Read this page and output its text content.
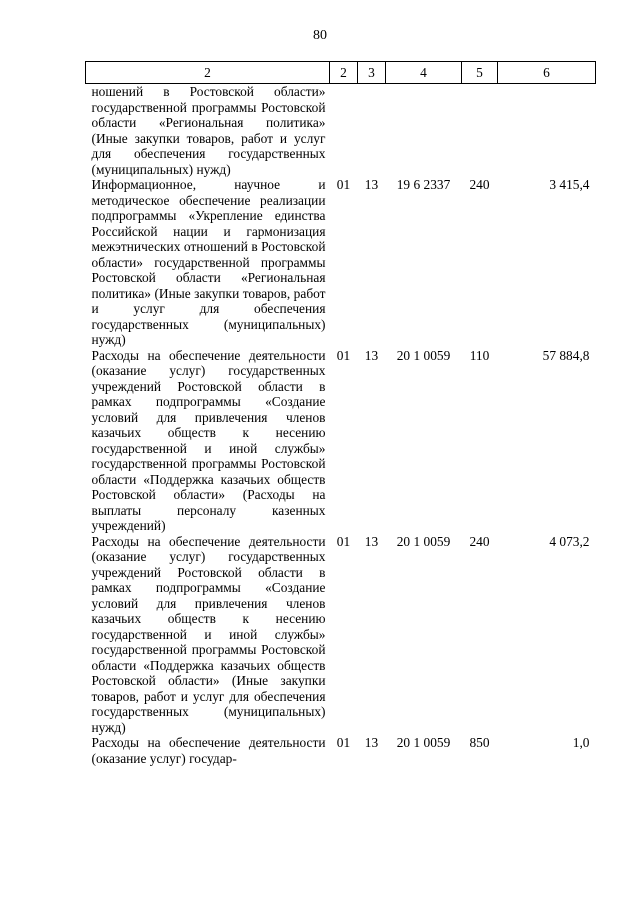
80
2	2	3	4	5	6
ношений в Ростовской области» государственной программы Ростовской области «Региональная политика» (Иные закупки товаров, работ и услуг для обеспечения государственных (муниципальных) нужд)					
Информационное, научное и методическое обеспечение реализации подпрограммы «Укрепление единства Российской нации и гармонизация межэтнических отношений в Ростовской области» государственной программы Ростовской области «Региональная политика» (Иные закупки товаров, работ и услуг для обеспечения государственных (муниципальных) нужд)	01	13	19 6 2337	240	3 415,4
Расходы на обеспечение деятельности (оказание услуг) государственных учреждений Ростовской области в рамках подпрограммы «Создание условий для привлечения членов казачьих обществ к несению государственной и иной службы» государственной программы Ростовской области «Поддержка казачьих обществ Ростовской области» (Расходы на выплаты персоналу казенных учреждений)	01	13	20 1 0059	110	57 884,8
Расходы на обеспечение деятельности (оказание услуг) государственных учреждений Ростовской области в рамках подпрограммы «Создание условий для привлечения членов казачьих обществ к несению государственной и иной службы» государственной программы Ростовской области «Поддержка казачьих обществ Ростовской области» (Иные закупки товаров, работ и услуг для обеспечения государственных (муниципальных) нужд)	01	13	20 1 0059	240	4 073,2
Расходы на обеспечение деятельности (оказание услуг) государ-	01	13	20 1 0059	850	1,0
